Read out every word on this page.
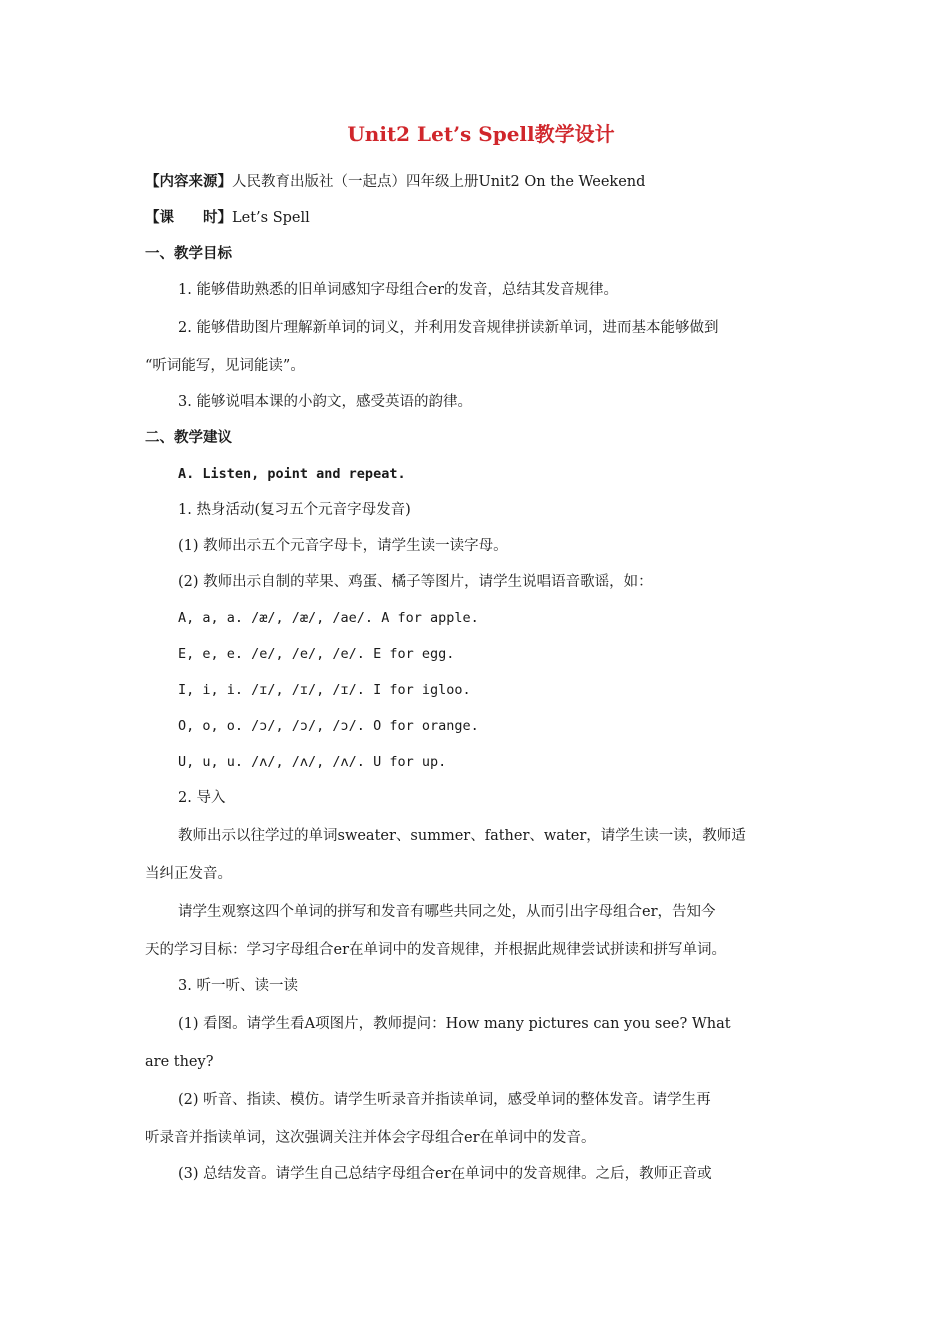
Unit2 Let’s Spell教学设计
【内容来源】人民教育出版社（一起点）四年级上册Unit2 On the Weekend
【课　　时】Let’s Spell
一、教学目标
1. 能够借助熟悉的旧单词感知字母组合er的发音，总结其发音规律。
2. 能够借助图片理解新单词的词义，并利用发音规律拼读新单词，进而基本能够做到
“听词能写，见词能读”。
3. 能够说唱本课的小韵文，感受英语的韵律。
二、教学建议
A. Listen, point and repeat.
1. 热身活动(复习五个元音字母发音)
(1) 教师出示五个元音字母卡，请学生读一读字母。
(2) 教师出示自制的苹果、鸡蛋、橘子等图片，请学生说唱语音歌谣，如：
A, a, a. /æ/, /æ/, /ae/. A for apple.
E, e, e. /e/, /e/, /e/. E for egg.
I, i, i. /ɪ/, /ɪ/, /ɪ/. I for igloo.
O, o, o. /ɔ/, /ɔ/, /ɔ/. O for orange.
U, u, u. /ʌ/, /ʌ/, /ʌ/. U for up.
2. 导入
教师出示以往学过的单词sweater、summer、father、water，请学生读一读，教师适
当纠正发音。
请学生观察这四个单词的拼写和发音有哪些共同之处，从而引出字母组合er，告知今
天的学习目标：学习字母组合er在单词中的发音规律，并根据此规律尝试拼读和拼写单词。
3. 听一听、读一读
(1) 看图。请学生看A项图片，教师提问：How many pictures can you see? What
are they?
(2) 听音、指读、模仿。请学生听录音并指读单词，感受单词的整体发音。请学生再
听录音并指读单词，这次强调关注并体会字母组合er在单词中的发音。
(3) 总结发音。请学生自己总结字母组合er在单词中的发音规律。之后，教师正音或
